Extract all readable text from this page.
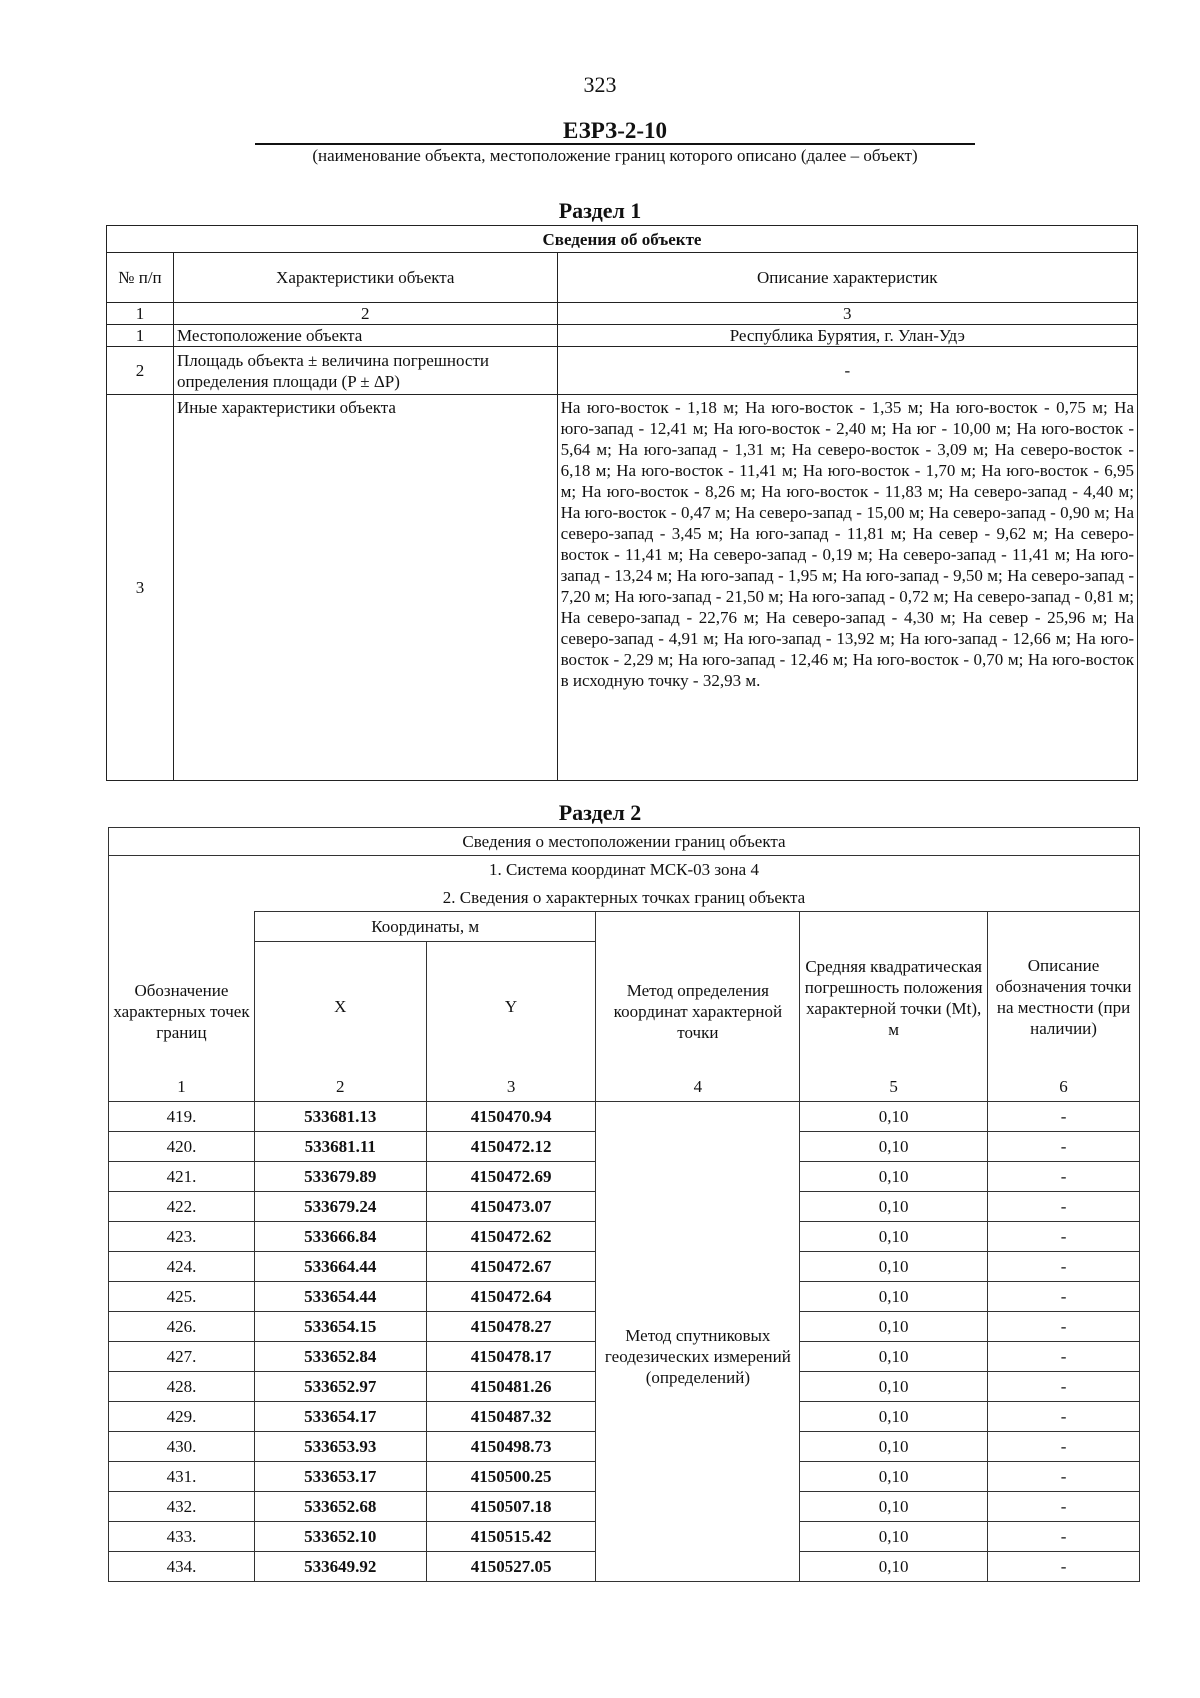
323
ЕЗРЗ-2-10
(наименование объекта, местоположение границ которого описано (далее – объект)
Раздел 1
Сведения об объекте		
№ п/п	Характеристики объекта	Описание характеристик
1	2	3
1	Местоположение объекта	Республика Бурятия, г. Улан-Удэ
2	Площадь объекта ± величина погрешности определения площади (P ± ΔP)	-
3	Иные характеристики объекта	На юго-восток - 1,18 м; На юго-восток - 1,35 м; На юго-восток - 0,75 м; На юго-запад - 12,41 м; На юго-восток - 2,40 м; На юг - 10,00 м; На юго-восток - 5,64 м; На юго-запад - 1,31 м; На северо-восток - 3,09 м; На северо-восток - 6,18 м; На юго-восток - 11,41 м; На юго-восток - 1,70 м; На юго-восток - 6,95 м; На юго-восток - 8,26 м; На юго-восток - 11,83 м; На северо-запад - 4,40 м; На юго-восток - 0,47 м; На северо-запад - 15,00 м; На северо-запад - 0,90 м; На северо-запад - 3,45 м; На юго-запад - 11,81 м; На север - 9,62 м; На северо-восток - 11,41 м; На северо-запад - 0,19 м; На северо-запад - 11,41 м; На юго-запад - 13,24 м; На юго-запад - 1,95 м; На юго-запад - 9,50 м; На северо-запад - 7,20 м; На юго-запад - 21,50 м; На юго-запад - 0,72 м; На северо-запад - 0,81 м; На северо-запад - 22,76 м; На северо-запад - 4,30 м; На север - 25,96 м; На северо-запад - 4,91 м; На юго-запад - 13,92 м; На юго-запад - 12,66 м; На юго-восток - 2,29 м; На юго-запад - 12,46 м; На юго-восток - 0,70 м; На юго-восток в исходную точку - 32,93 м.
Раздел 2
Сведения о местоположении границ объекта					
1. Система координат МСК-03 зона 4					
2. Сведения о характерных точках границ объекта					
Обозначение характерных точек границ	Координаты, м		Метод определения координат характерной точки	Средняя квадратическая погрешность положения характерной точки (Mt), м	Описание обозначения точки на местности (при наличии)
	X	Y			
1	2	3	4	5	6
419.	533681.13	4150470.94	Метод спутниковых геодезических измерений (определений)	0,10	-
420.	533681.11	4150472.12		0,10	-
421.	533679.89	4150472.69		0,10	-
422.	533679.24	4150473.07		0,10	-
423.	533666.84	4150472.62		0,10	-
424.	533664.44	4150472.67		0,10	-
425.	533654.44	4150472.64		0,10	-
426.	533654.15	4150478.27		0,10	-
427.	533652.84	4150478.17		0,10	-
428.	533652.97	4150481.26		0,10	-
429.	533654.17	4150487.32		0,10	-
430.	533653.93	4150498.73		0,10	-
431.	533653.17	4150500.25		0,10	-
432.	533652.68	4150507.18		0,10	-
433.	533652.10	4150515.42		0,10	-
434.	533649.92	4150527.05		0,10	-
